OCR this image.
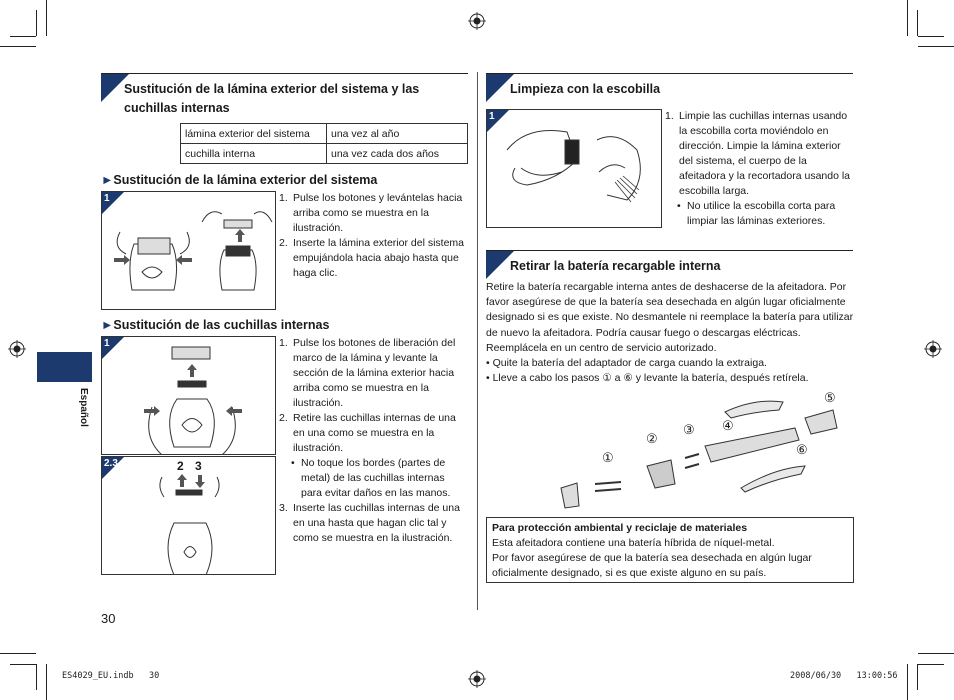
Español
Sustitución de la lámina exterior del sistema y las cuchillas internas
lámina exterior del sistema	una vez al año
cuchilla interna	una vez cada dos años
►Sustitución de la lámina exterior del sistema
1	1. Pulse los botones y levántelas hacia arriba como se muestra en la ilustración.
2. Inserte la lámina exterior del sistema empujándola hacia abajo hasta que haga clic.
►Sustitución de las cuchillas internas
1
2.3	2 3
1. Pulse los botones de liberación del marco de la lámina y levante la sección de la lámina exterior hacia arriba como se muestra en la ilustración.
2. Retire las cuchillas internas de una en una como se muestra en la ilustración.
• No toque los bordes (partes de metal) de las cuchillas internas para evitar daños en las manos.
3. Inserte las cuchillas internas de una en una hasta que hagan clic tal y como se muestra en la ilustración.
30
Limpieza con la escobilla
1	1. Limpie las cuchillas internas usando la escobilla corta moviéndolo en dirección. Limpie la lámina exterior del sistema, el cuerpo de la afeitadora y la recortadora usando la escobilla larga.
• No utilice la escobilla corta para limpiar las láminas exteriores.
Retirar la batería recargable interna
Retire la batería recargable interna antes de deshacerse de la afeitadora. Por favor asegúrese de que la batería sea desechada en algún lugar oficialmente designado si es que existe. No desmantele ni reemplace la batería para utilizar de nuevo la afeitadora. Podría causar fuego o descargas eléctricas. Reemplácela en un centro de servicio autorizado.
• Quite la batería del adaptador de carga cuando la extraiga.
• Lleve a cabo los pasos ① a ⑥ y levante la batería, después retírela.
①
②
③ ④
⑤
⑥
Para protección ambiental y reciclaje de materiales
Esta afeitadora contiene una batería híbrida de níquel-metal.
Por favor asegúrese de que la batería sea desechada en algún lugar oficialmente designado, si es que existe alguno en su país.
ES4029_EU.indb   30	2008/06/30   13:00:56
